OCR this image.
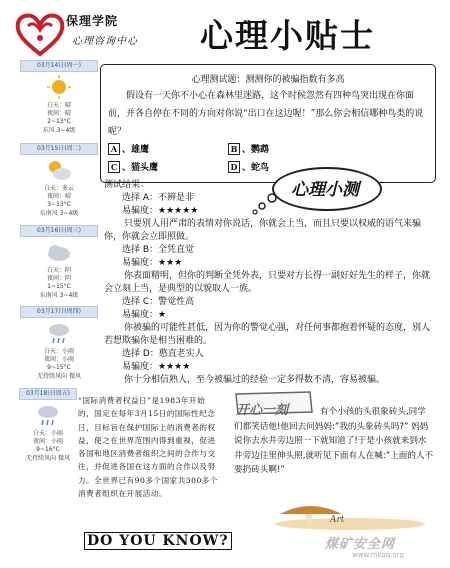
保理学院
心理咨询中心 心理小贴士
03月14日(周一)
白天：晴
夜间：晴
2~13°C
东风 3~4级
03月15日(周二)
白天：多云
夜间：晴
3~13°C
东南风 3~4级
03月16日(周三)
白天：阴
夜间：阴
1~15°C
东南风 3~4级
03月17日(周四)
白天：小雨
夜间：小雨
9~15°C
无持续风向 微风
03月18日(周五)
白天：小雨
夜间：小雨
9~16°C
无持续风向 微风
心理测试题：测测你的被骗指数有多高
假设有一天你不小心在森林里迷路，这个时候忽然有四种鸟突出现在你面前，并各自停在不同的方向对你说“出口在这边喔！”那么你会相信哪种鸟类的说呢？
A 、雄鹰	B 、鹦鹉
C 、猫头鹰	D 、蛇鸟
测试结果：
选择 A：不辨是非
易骗度：★★★★★
只要别人用严肃的表情对你说话，你就会上当，而且只要以权威的语气来骗你，你就会立即照做。
选择 B：全凭直觉
易骗度：★★★
你表面精明，但你的判断全凭外表，只要对方长得一副好好先生的样子，你就会立刻上当，是典型的以貌取人一族。
选择 C：警觉性高
易骗度：★
你被骗的可能性甚低，因为你的警觉心强，对任何事都抱着怀疑的态度，别人若想欺骗你是相当困难的。
选择 D：憨直老实人
易骗度：★★★★
你十分相信熟人，至今被骗过的经验一定多得数不清，容易被骗。
心理小测
“国际消费者权益日”是1983年开始的，国定在每年3月15日的国际性纪念日，目标旨在保护国际上的消费者的权益，使之在世界范围内得到重视，促进各国和地区消费者组织之间的合作与交往，并促进各国在这方面的合作以及努力。全世界已有90多个国家共300多个消费者组织在开展活动。
开心一刻	有个小孩的头很象砖头,同学们都笑话他!他回去问妈妈:”我的头象砖头吗?” 妈妈说你去水井旁边照一下就知道了!于是小孩就来到水井旁边往里伸头照,就听见下面有人在喊:”上面的人不要扔砖头啊!”
Art
DO YOU KNOW?	煤矿安全网
www.mkaq.org
